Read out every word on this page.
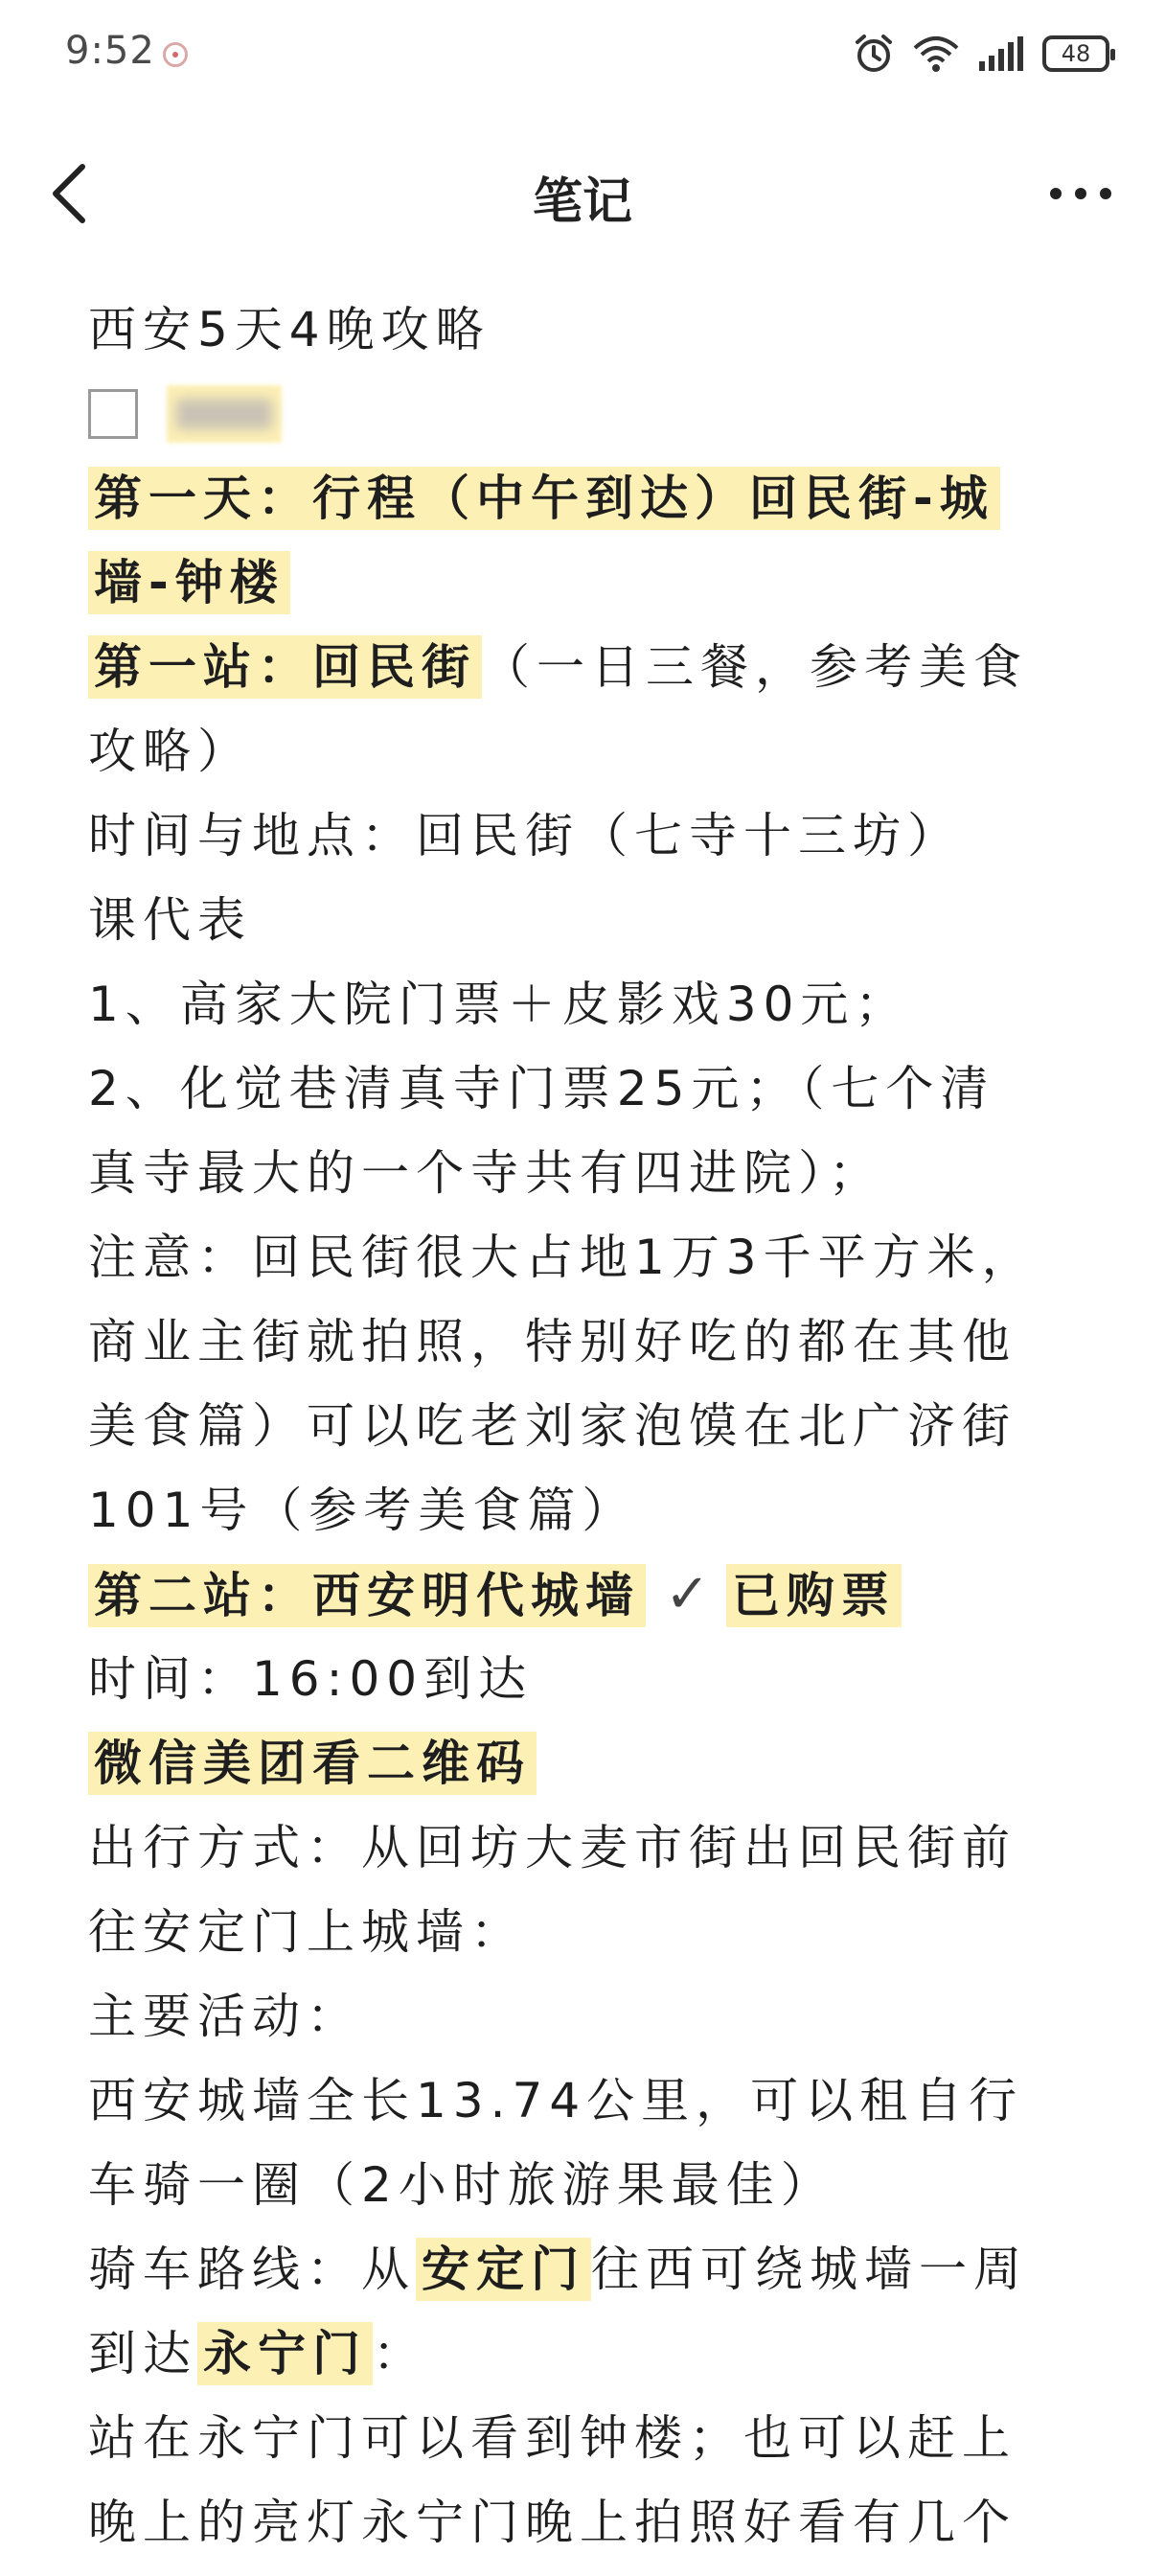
9:52	48
笔记
西安5天4晚攻略
第一天：行程（中午到达）回民街-城
墙-钟楼
第一站：回民街 （一日三餐，参考美食
攻略）
时间与地点：回民街（七寺十三坊）
课代表
1、高家大院门票＋皮影戏30元；
2、化觉巷清真寺门票25元；（七个清
真寺最大的一个寺共有四进院）；
注意：回民街很大占地1万3千平方米，
商业主街就拍照，特别好吃的都在其他
美食篇）可以吃老刘家泡馍在北广济街
101号（参考美食篇）
第二站：西安明代城墙 ✓ 已购票
时间：16:00到达
微信美团看二维码
出行方式：从回坊大麦市街出回民街前
往安定门上城墙：
主要活动：
西安城墙全长13.74公里，可以租自行
车骑一圈（2小时旅游果最佳）
骑车路线：从 安定门 往西可绕城墙一周
到达 永宁门 ：
站在永宁门可以看到钟楼；也可以赶上
晚上的亮灯永宁门晚上拍照好看有几个
